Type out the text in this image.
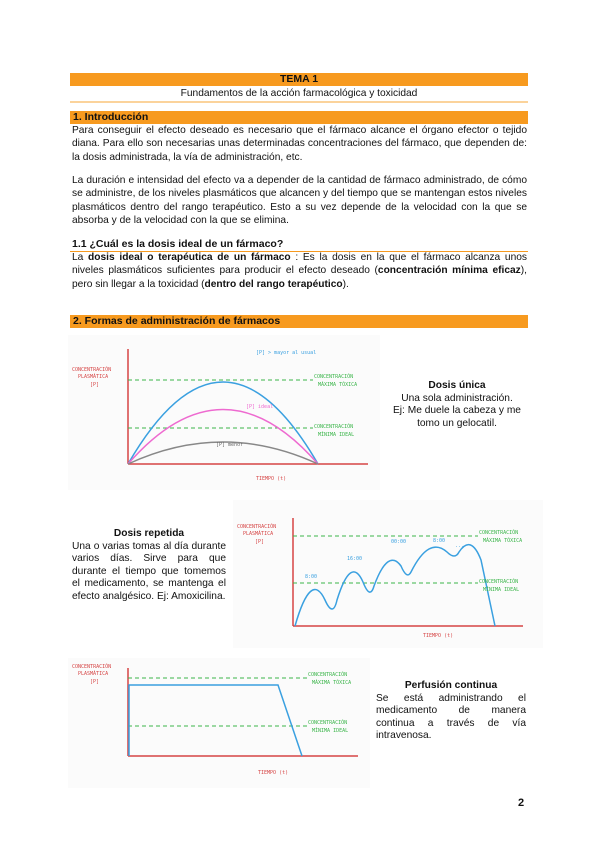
TEMA 1
Fundamentos de la acción farmacológica y toxicidad
1. Introducción
Para conseguir el efecto deseado es necesario que el fármaco alcance el órgano efector o tejido diana. Para ello son necesarias unas determinadas concentraciones del fármaco, que dependen de: la dosis administrada, la vía de administración, etc.
La duración e intensidad del efecto va a depender de la cantidad de fármaco administrado, de cómo se administre, de los niveles plasmáticos que alcancen y del tiempo que se mantengan estos niveles plasmáticos dentro del rango terapéutico. Esto a su vez depende de la velocidad con la que se absorba y de la velocidad con la que se elimina.
1.1 ¿Cuál es la dosis ideal de un fármaco?
La dosis ideal o terapéutica de un fármaco : Es la dosis en la que el fármaco alcanza unos niveles plasmáticos suficientes para producir el efecto deseado (concentración mínima eficaz), pero sin llegar a la toxicidad (dentro del rango terapéutico).
2. Formas de administración de fármacos
CONCENTRACIÓN
PLASMÁTICA
[P]
CONCENTRACIÓN
MÁXIMA TÓXICA
CONCENTRACIÓN
MÍNIMA IDEAL
[P] > mayor al usual
[P] ideal
[P] menor
TIEMPO (t)
Dosis única
Una sola administración.
Ej: Me duele la cabeza y me
tomo un gelocatil.
Dosis repetida
Una o varias tomas al día durante varios días. Sirve para que durante el tiempo que tomemos el medicamento, se mantenga el efecto analgésico. Ej: Amoxicilina.
CONCENTRACIÓN
PLASMÁTICA
[P]
CONCENTRACIÓN
MÁXIMA TÓXICA
CONCENTRACIÓN
MÍNIMA IDEAL
8:00
16:00
00:00	8:00
...
TIEMPO (t)
CONCENTRACIÓN
PLASMÁTICA
[P]
CONCENTRACIÓN
MÁXIMA TÓXICA
CONCENTRACIÓN
MÍNIMA IDEAL
TIEMPO (t)
Perfusión continua
Se está administrando el medicamento de manera continua a través de vía intravenosa.
2
